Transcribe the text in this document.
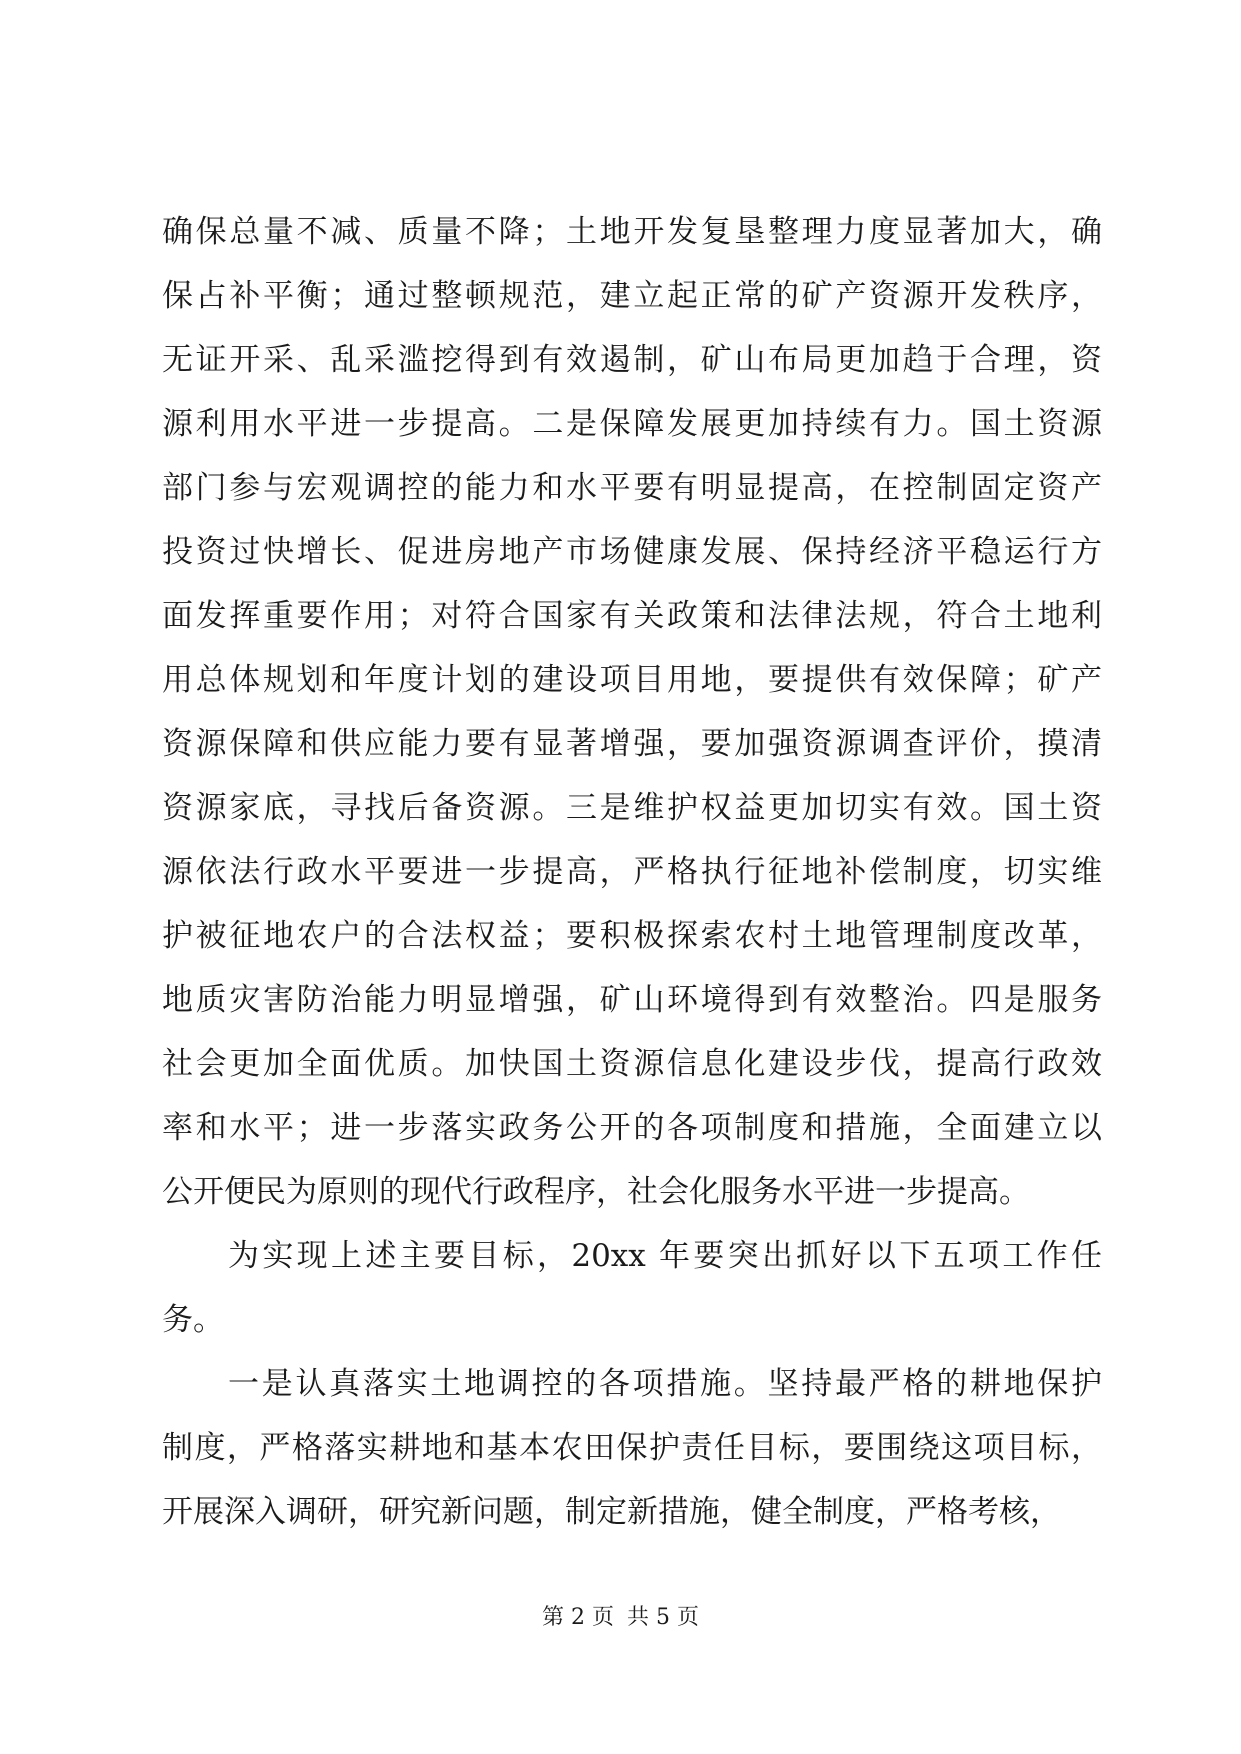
确保总量不减、质量不降；土地开发复垦整理力度显著加大，确
保占补平衡；通过整顿规范，建立起正常的矿产资源开发秩序，
无证开采、乱采滥挖得到有效遏制，矿山布局更加趋于合理，资
源利用水平进一步提高。二是保障发展更加持续有力。国土资源
部门参与宏观调控的能力和水平要有明显提高，在控制固定资产
投资过快增长、促进房地产市场健康发展、保持经济平稳运行方
面发挥重要作用；对符合国家有关政策和法律法规，符合土地利
用总体规划和年度计划的建设项目用地，要提供有效保障；矿产
资源保障和供应能力要有显著增强，要加强资源调查评价，摸清
资源家底，寻找后备资源。三是维护权益更加切实有效。国土资
源依法行政水平要进一步提高，严格执行征地补偿制度，切实维
护被征地农户的合法权益；要积极探索农村土地管理制度改革，
地质灾害防治能力明显增强，矿山环境得到有效整治。四是服务
社会更加全面优质。加快国土资源信息化建设步伐，提高行政效
率和水平；进一步落实政务公开的各项制度和措施，全面建立以
公开便民为原则的现代行政程序，社会化服务水平进一步提高。
为实现上述主要目标，20xx 年要突出抓好以下五项工作任
务。
一是认真落实土地调控的各项措施。坚持最严格的耕地保护
制度，严格落实耕地和基本农田保护责任目标，要围绕这项目标，
开展深入调研，研究新问题，制定新措施，健全制度，严格考核，
第 2 页 共 5 页
